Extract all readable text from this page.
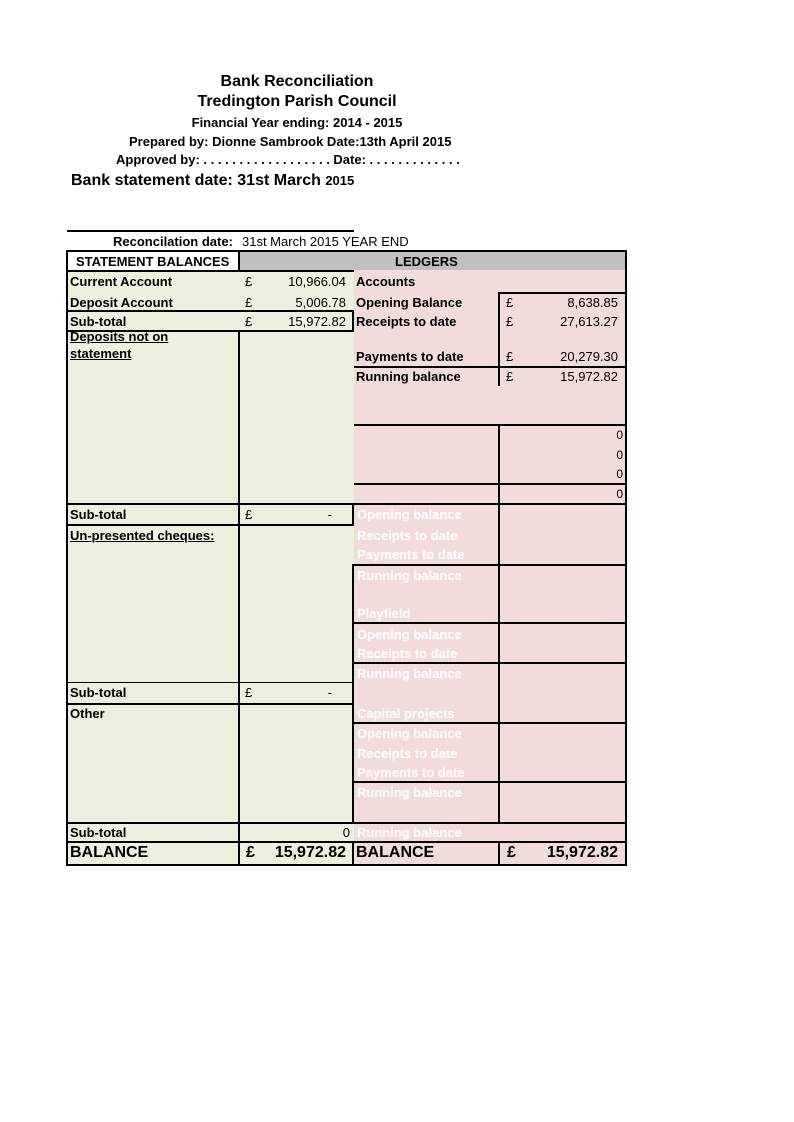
Bank Reconciliation
Tredington Parish Council
Financial Year ending: 2014 - 2015
Prepared by: Dionne Sambrook Date:13th April 2015
Approved by: . . . . . . . . . . . . . . . . . . Date: . . . . . . . . . . . . .
Bank statement date: 31st March 2015
Reconcilation date: 31st March 2015 YEAR END
STATEMENT BALANCES
Current Account	£	10,966.04
Deposit Account	£	5,006.78
Sub-total	£	15,972.82
Deposits not on
statement
Sub-total	£	-
Un-presented cheques:
Sub-total	£	-
Other
Sub-total	0
BALANCE	£	15,972.82
LEDGERS
Accounts
Opening Balance	£	8,638.85
Receipts to date	£	27,613.27
Payments to date	£	20,279.30
Running balance	£	15,972.82
0
0
0
0
Opening balance
Receipts to date
Payments to date
Running balance
Playfield
Opening balance
Receipts to date
Running balance
Capital projects
Opening balance
Receipts to date
Payments to date
Running balance
Running balance
BALANCE	£	15,972.82
